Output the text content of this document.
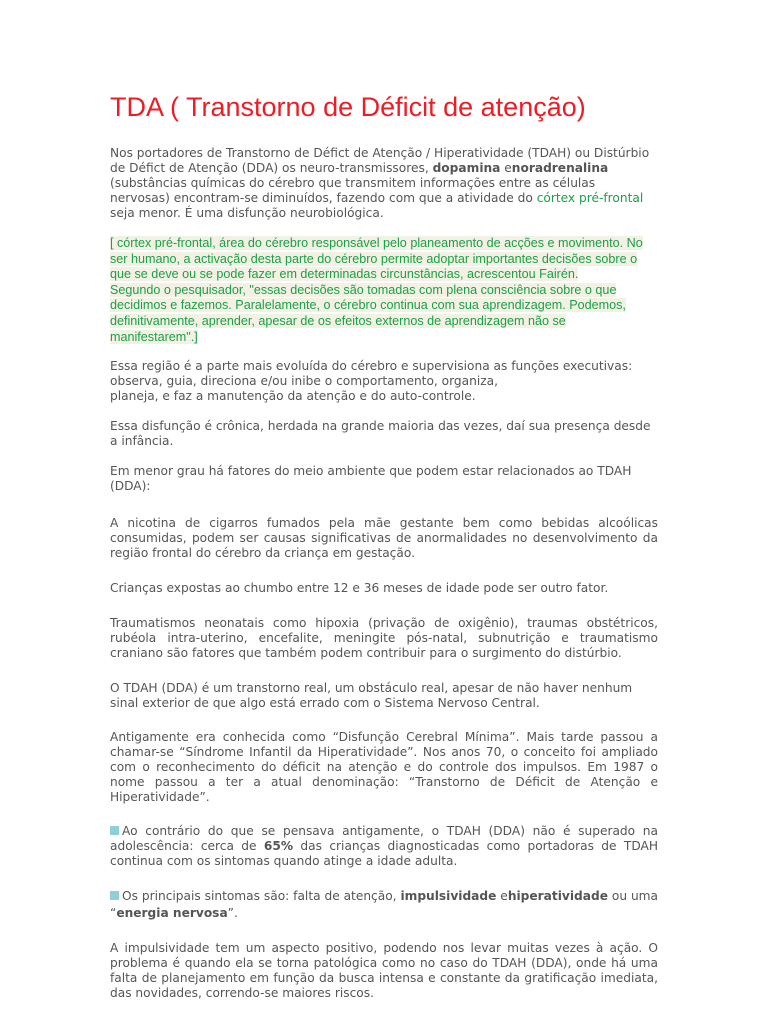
TDA ( Transtorno de Déficit de atenção)

Nos portadores de Transtorno de Défict de Atenção / Hiperatividade (TDAH) ou Distúrbio de Défict de Atenção (DDA) os neuro-transmissores, dopamina enoradrenalina (substâncias químicas do cérebro que transmitem informações entre as células nervosas) encontram-se diminuídos, fazendo com que a atividade do córtex pré-frontal seja menor. É uma disfunção neurobiológica.

[ córtex pré-frontal, área do cérebro responsável pelo planeamento de acções e movimento. No
ser humano, a activação desta parte do cérebro permite adoptar importantes decisões sobre o
que se deve ou se pode fazer em determinadas circunstâncias, acrescentou Fairén.
Segundo o pesquisador, "essas decisões são tomadas com plena consciência sobre o que
decidimos e fazemos. Paralelamente, o cérebro continua com sua aprendizagem. Podemos,
definitivamente, aprender, apesar de os efeitos externos de aprendizagem não se
manifestarem".]

Essa região é a parte mais evoluída do cérebro e supervisiona as funções executivas:
observa, guia, direciona e/ou inibe o comportamento, organiza,
planeja, e faz a manutenção da atenção e do auto-controle.

Essa disfunção é crônica, herdada na grande maioria das vezes, daí sua presença desde a infância.

Em menor grau há fatores do meio ambiente que podem estar relacionados ao TDAH (DDA):

A nicotina de cigarros fumados pela mãe gestante bem como bebidas alcoólicas consumidas, podem ser causas significativas de anormalidades no desenvolvimento da região frontal do cérebro da criança em gestação.

Crianças expostas ao chumbo entre 12 e 36 meses de idade pode ser outro fator.

Traumatismos neonatais como hipoxia (privação de oxigênio), traumas obstétricos, rubéola intra-uterino, encefalite, meningite pós-natal, subnutrição e traumatismo craniano são fatores que também podem contribuir para o surgimento do distúrbio.

O TDAH (DDA) é um transtorno real, um obstáculo real, apesar de não haver nenhum sinal exterior de que algo está errado com o Sistema Nervoso Central.

Antigamente era conhecida como “Disfunção Cerebral Mínima”. Mais tarde passou a chamar-se “Síndrome Infantil da Hiperatividade”. Nos anos 70, o conceito foi ampliado com o reconhecimento do déficit na atenção e do controle dos impulsos. Em 1987 o nome passou a ter a atual denominação: “Transtorno de Déficit de Atenção e Hiperatividade”.

Ao contrário do que se pensava antigamente, o TDAH (DDA) não é superado na adolescência: cerca de 65% das crianças diagnosticadas como portadoras de TDAH continua com os sintomas quando atinge a idade adulta.

Os principais sintomas são: falta de atenção, impulsividade ehiperatividade ou uma “energia nervosa”.

A impulsividade tem um aspecto positivo, podendo nos levar muitas vezes à ação. O problema é quando ela se torna patológica como no caso do TDAH (DDA), onde há uma falta de planejamento em função da busca intensa e constante da gratificação imediata, das novidades, correndo-se maiores riscos.
